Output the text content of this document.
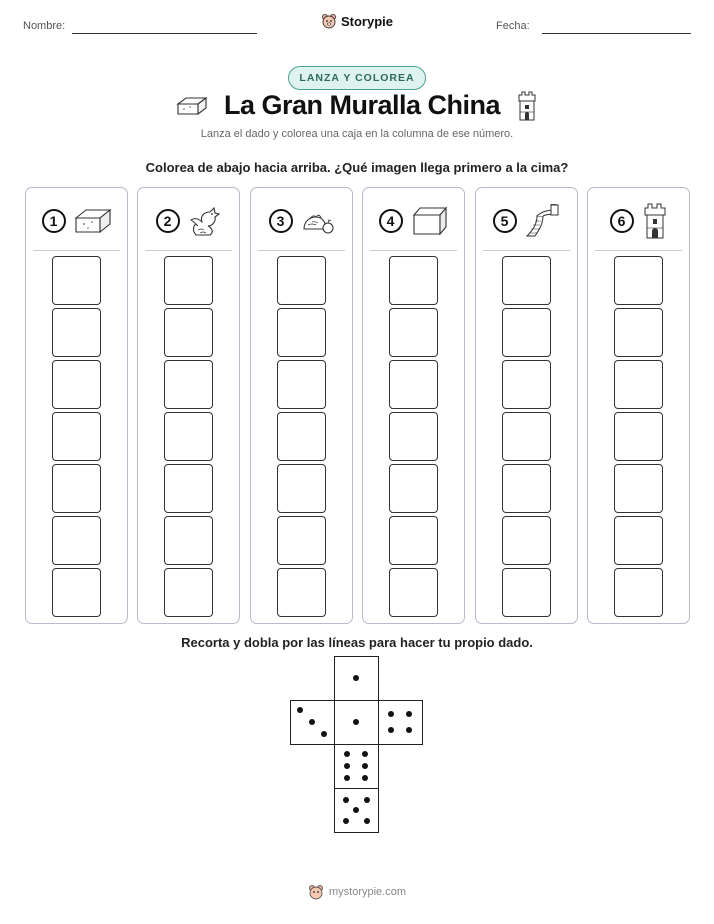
Nombre:	Storypie	Fecha:
LANZA Y COLOREA
La Gran Muralla China
Lanza el dado y colorea una caja en la columna de ese número.
Colorea de abajo hacia arriba. ¿Qué imagen llega primero a la cima?
1	2	3	4	5	6
Recorta y dobla por las líneas para hacer tu propio dado.
mystorypie.com
